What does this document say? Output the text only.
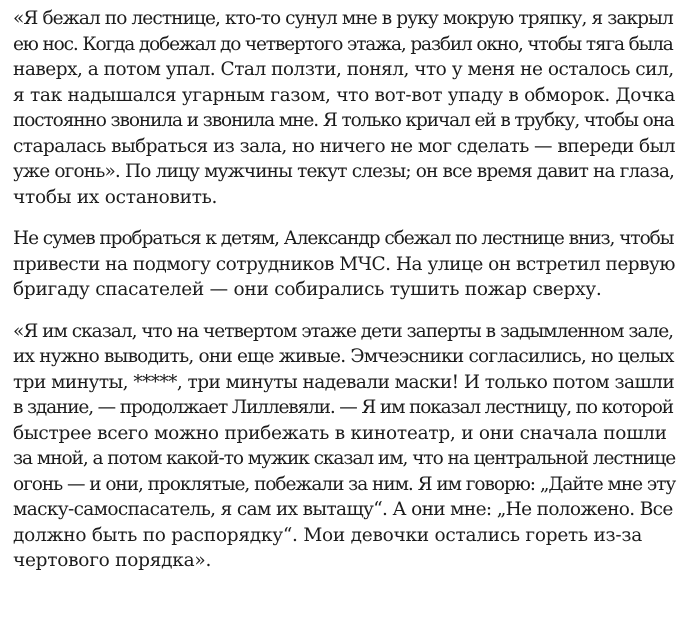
«Я бежал по лестнице, кто-то сунул мне в руку мокрую тряпку, я закрыл
ею нос. Когда добежал до четвертого этажа, разбил окно, чтобы тяга была
наверх, а потом упал. Стал ползти, понял, что у меня не осталось сил,
я так надышался угарным газом, что вот-вот упаду в обморок. Дочка
постоянно звонила и звонила мне. Я только кричал ей в трубку, чтобы она
старалась выбраться из зала, но ничего не мог сделать — впереди был
уже огонь». По лицу мужчины текут слезы; он все время давит на глаза,
чтобы их остановить.

Не сумев пробраться к детям, Александр сбежал по лестнице вниз, чтобы
привести на подмогу сотрудников МЧС. На улице он встретил первую
бригаду спасателей — они собирались тушить пожар сверху.

«Я им сказал, что на четвертом этаже дети заперты в задымленном зале,
их нужно выводить, они еще живые. Эмчеэсники согласились, но целых
три минуты, *****, три минуты надевали маски! И только потом зашли
в здание, — продолжает Лиллевяли. — Я им показал лестницу, по которой
быстрее всего можно прибежать в кинотеатр, и они сначала пошли
за мной, а потом какой-то мужик сказал им, что на центральной лестнице
огонь — и они, проклятые, побежали за ним. Я им говорю: „Дайте мне эту
маску-самоспасатель, я сам их вытащу“. А они мне: „Не положено. Все
должно быть по распорядку“. Мои девочки остались гореть из-за
чертового порядка».
